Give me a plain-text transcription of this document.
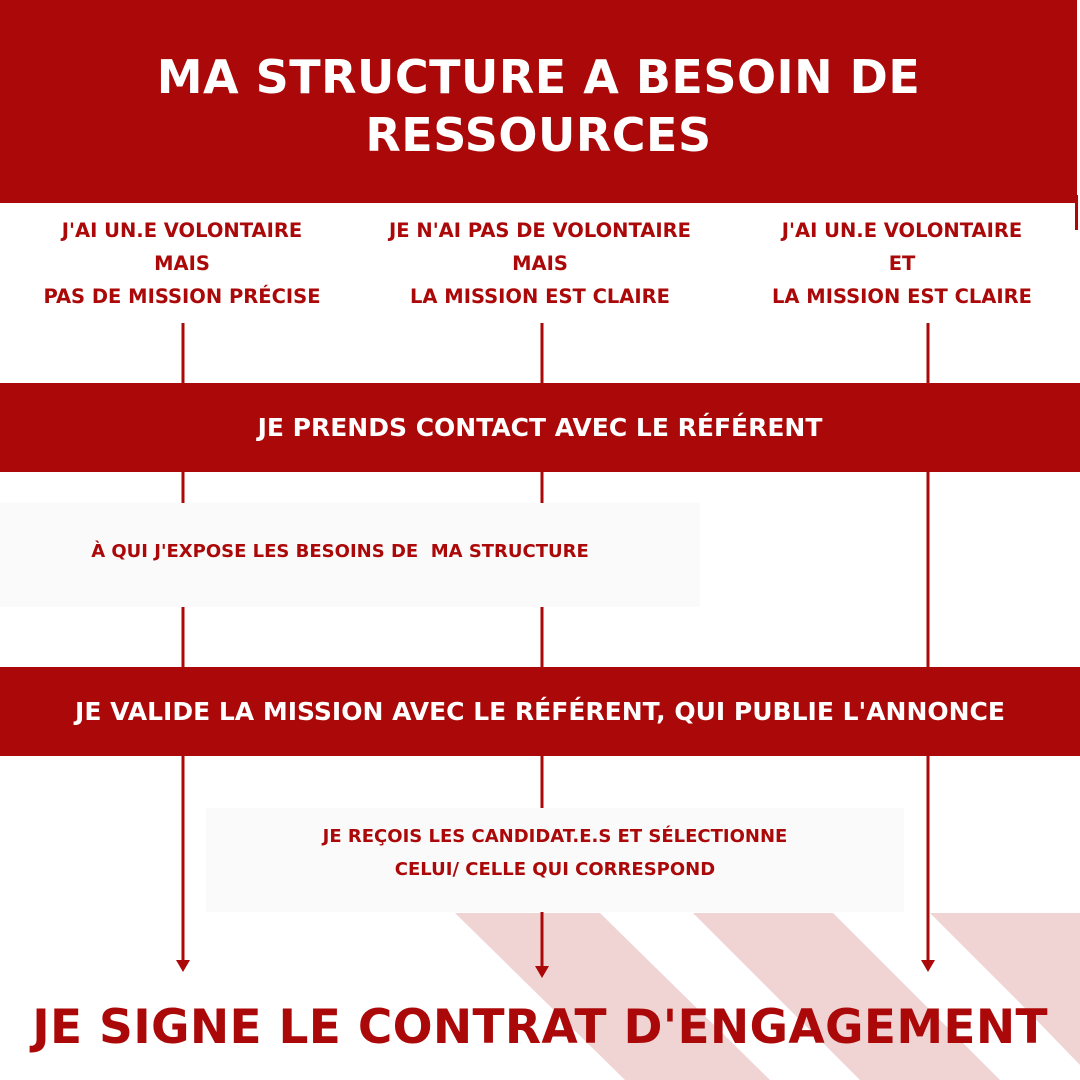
MA STRUCTURE A BESOIN DE RESSOURCES
J'AI UN.E VOLONTAIRE
MAIS
PAS DE MISSION PRÉCISE
JE N'AI PAS DE VOLONTAIRE
MAIS
LA MISSION EST CLAIRE
J'AI UN.E VOLONTAIRE
ET
LA MISSION EST CLAIRE
JE PRENDS CONTACT AVEC LE RÉFÉRENT
À QUI J'EXPOSE LES BESOINS DE  MA STRUCTURE
JE VALIDE LA MISSION AVEC LE RÉFÉRENT, QUI PUBLIE L'ANNONCE
JE REÇOIS LES CANDIDAT.E.S ET SÉLECTIONNE
CELUI/ CELLE QUI CORRESPOND
JE SIGNE LE CONTRAT D'ENGAGEMENT
